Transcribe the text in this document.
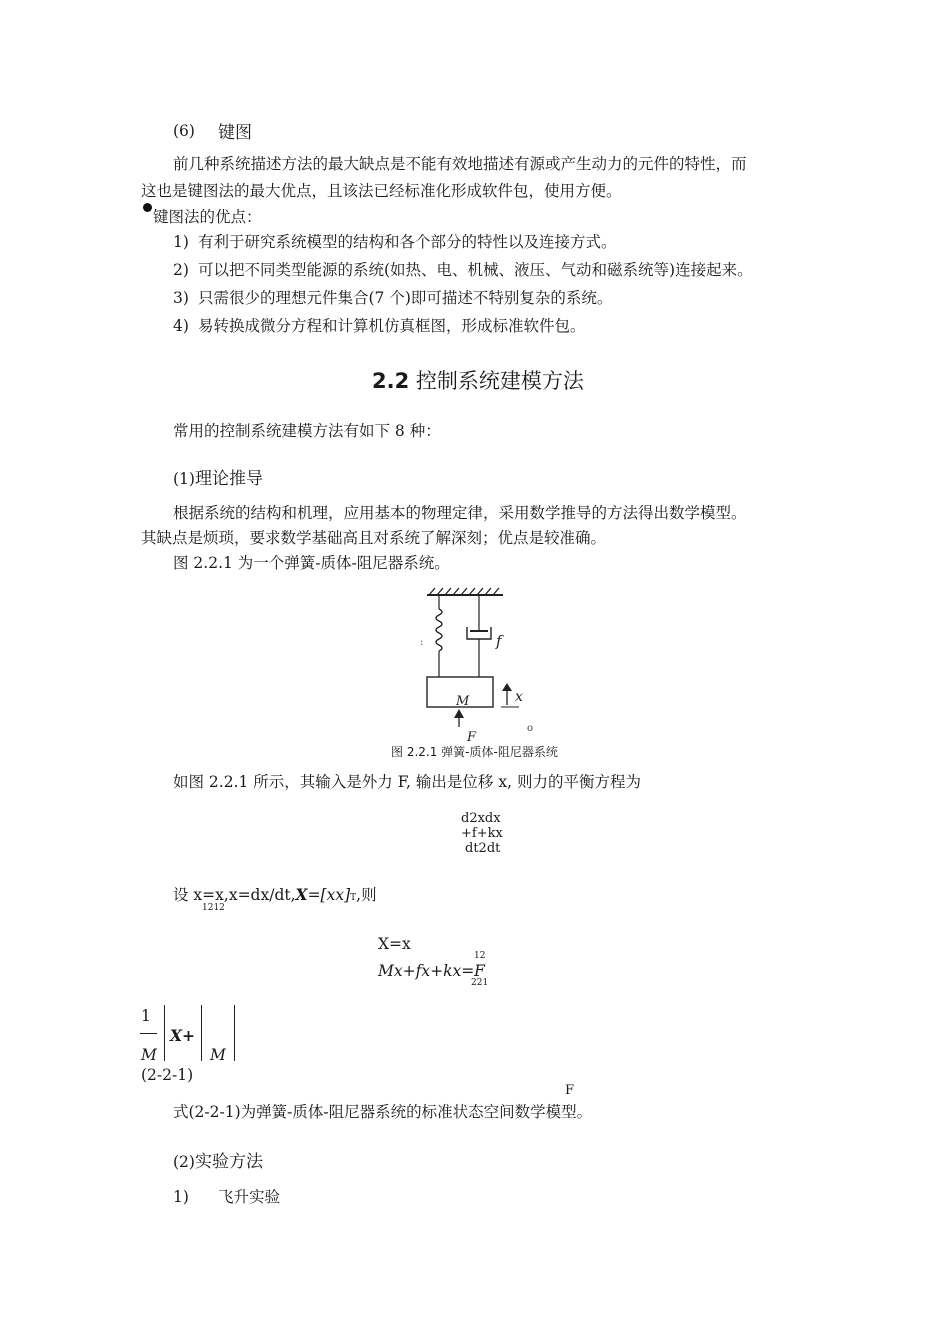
(6) 键图
前几种系统描述方法的最大缺点是不能有效地描述有源或产生动力的元件的特性，而
这也是键图法的最大优点，且该法已经标准化形成软件包，使用方便。
键图法的优点：
1) 有利于研究系统模型的结构和各个部分的特性以及连接方式。
2) 可以把不同类型能源的系统(如热、电、机械、液压、气动和磁系统等)连接起来。
3) 只需很少的理想元件集合(7 个)即可描述不特别复杂的系统。
4) 易转换成微分方程和计算机仿真框图，形成标准软件包。
2.2 控制系统建模方法
常用的控制系统建模方法有如下 8 种：
(1)理论推导
根据系统的结构和机理，应用基本的物理定律，采用数学推导的方法得出数学模型。
其缺点是烦琐，要求数学基础高且对系统了解深刻；优点是较准确。
图 2.2.1 为一个弹簧-质体-阻尼器系统。
:	f
M	x
F
o
图 2.2.1 弹簧-质体-阻尼器系统
如图 2.2.1 所示，其输入是外力 F, 输出是位移 x, 则力的平衡方程为
d2xdx
+f+kx
dt2dt
设 x=x,x=dx/dt,X=[xx]T,则
1212
X=x
12
Mx+fx+kx=F
221
1
M
X+
M
(2-2-1)
F
式(2-2-1)为弹簧-质体-阻尼器系统的标准状态空间数学模型。
(2)实验方法
1) 飞升实验
